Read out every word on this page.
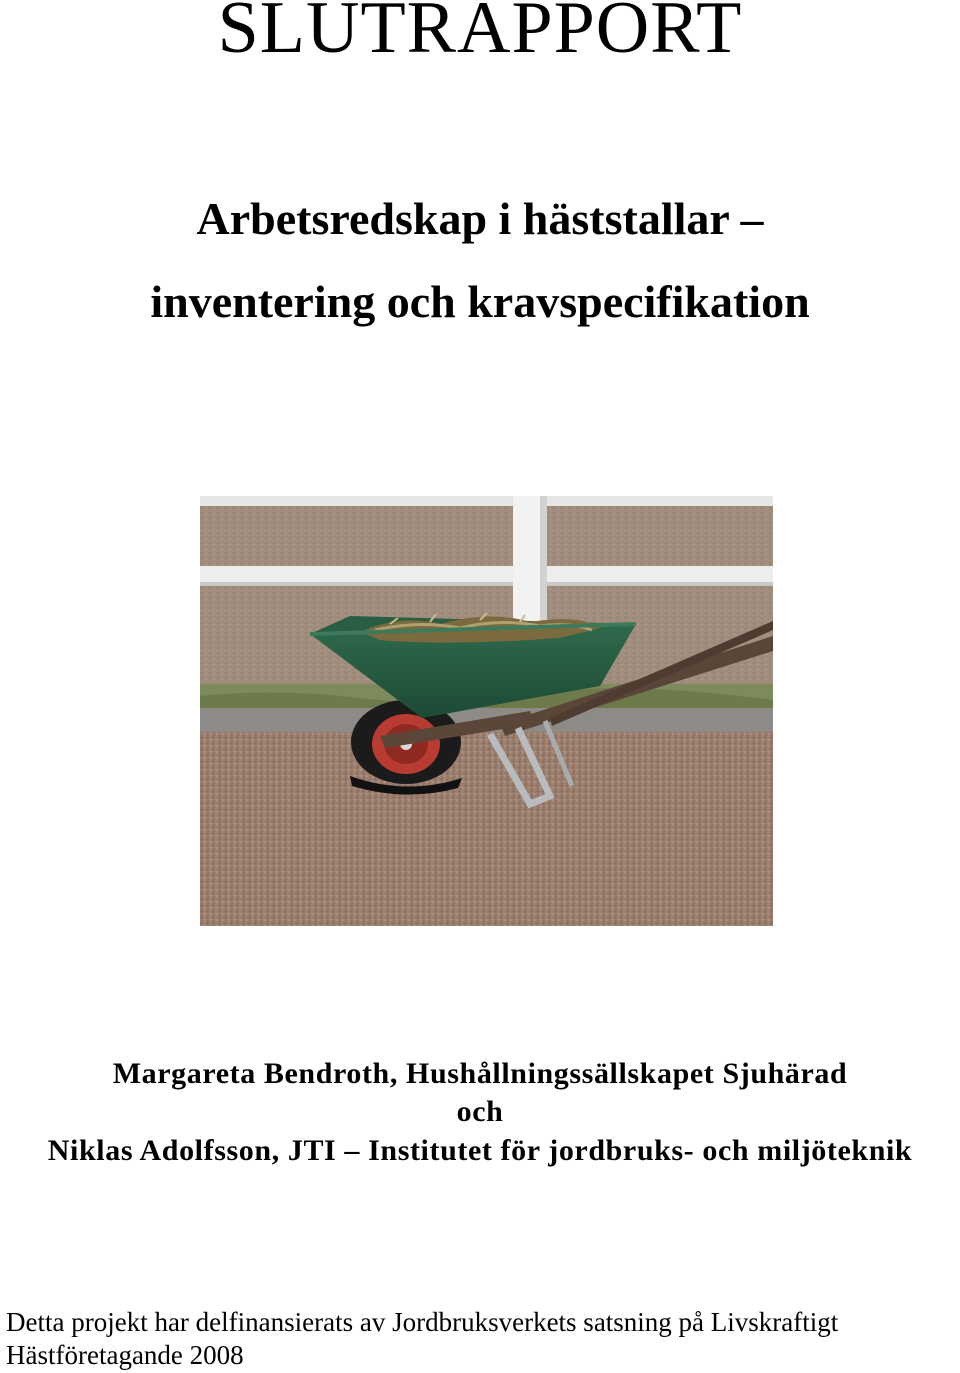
SLUTRAPPORT
Arbetsredskap i häststallar –
inventering och kravspecifikation
Margareta Bendroth, Hushållningssällskapet Sjuhärad
och
Niklas Adolfsson, JTI – Institutet för jordbruks- och miljöteknik
Detta projekt har delfinansierats av Jordbruksverkets satsning på Livskraftigt
Hästföretagande 2008
